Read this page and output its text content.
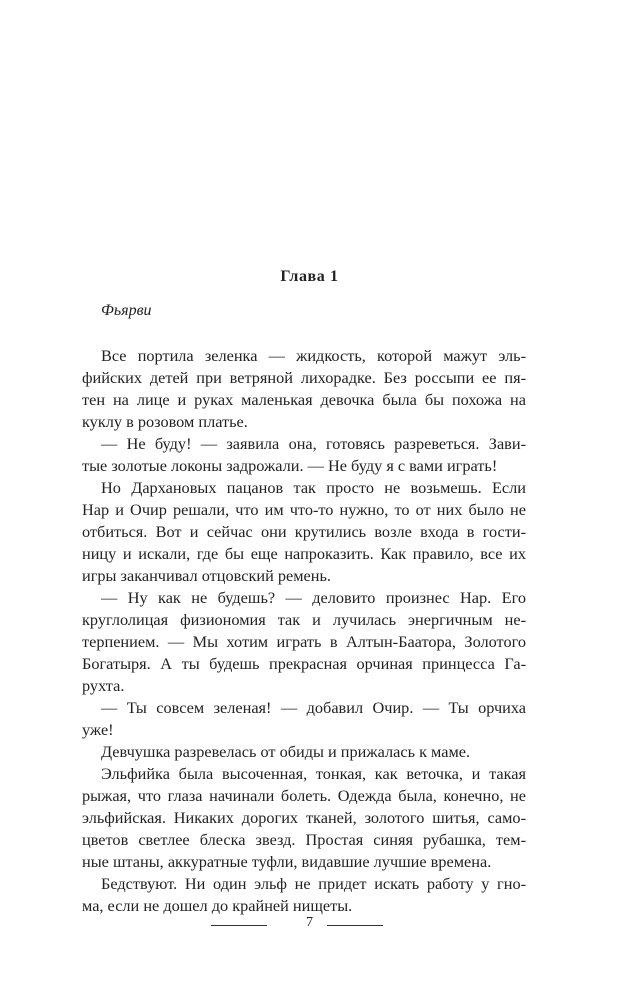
Глава 1
Фьярви
Все портила зеленка — жидкость, которой мажут эль-
фийских детей при ветряной лихорадке. Без россыпи ее пя-
тен на лице и руках маленькая девочка была бы похожа на
куклу в розовом платье.
— Не буду! — заявила она, готовясь разреветься. Зави-
тые золотые локоны задрожали. — Не буду я с вами играть!
Но Дархановых пацанов так просто не возьмешь. Если
Нар и Очир решали, что им что-то нужно, то от них было не
отбиться. Вот и сейчас они крутились возле входа в гости-
ницу и искали, где бы еще напроказить. Как правило, все их
игры заканчивал отцовский ремень.
— Ну как не будешь? — деловито произнес Нар. Его
круглолицая физиономия так и лучилась энергичным не-
терпением. — Мы хотим играть в Алтын-Баатора, Золотого
Богатыря. А ты будешь прекрасная орчиная принцесса Га-
рухта.
— Ты совсем зеленая! — добавил Очир. — Ты орчиха
уже!
Девчушка разревелась от обиды и прижалась к маме.
Эльфийка была высоченная, тонкая, как веточка, и такая
рыжая, что глаза начинали болеть. Одежда была, конечно, не
эльфийская. Никаких дорогих тканей, золотого шитья, само-
цветов светлее блеска звезд. Простая синяя рубашка, тем-
ные штаны, аккуратные туфли, видавшие лучшие времена.
Бедствуют. Ни один эльф не придет искать работу у гно-
ма, если не дошел до крайней нищеты.
7
